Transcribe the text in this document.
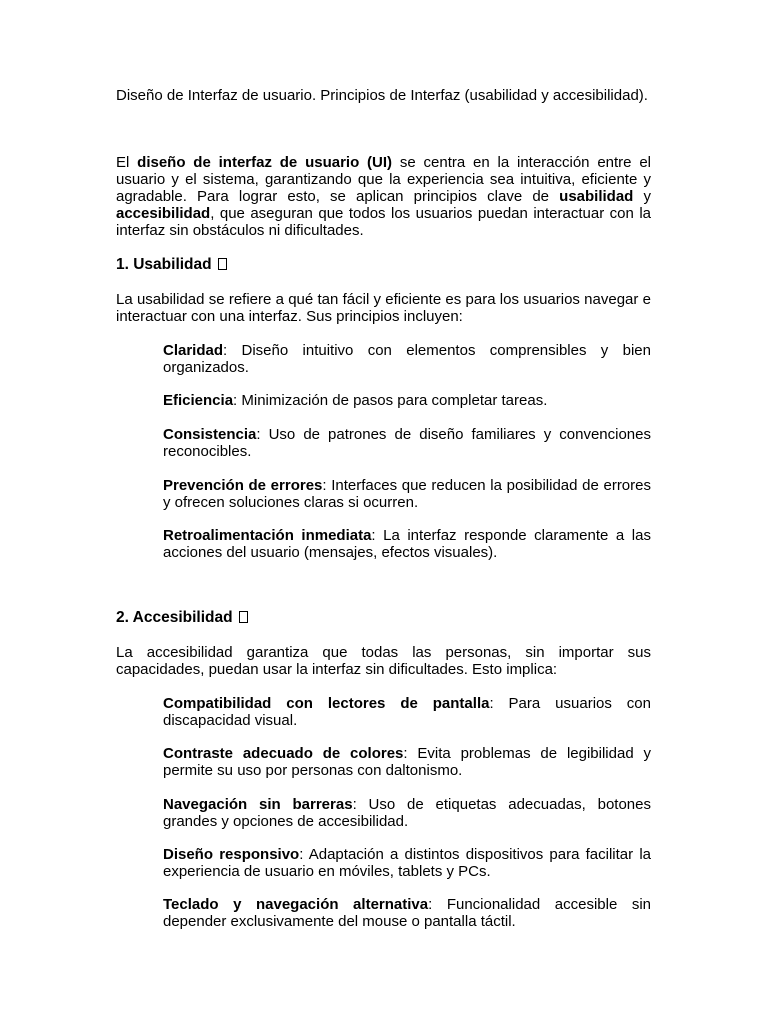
Diseño de Interfaz de usuario. Principios de Interfaz (usabilidad y accesibilidad).
El diseño de interfaz de usuario (UI) se centra en la interacción entre el usuario y el sistema, garantizando que la experiencia sea intuitiva, eficiente y agradable. Para lograr esto, se aplican principios clave de usabilidad y accesibilidad, que aseguran que todos los usuarios puedan interactuar con la interfaz sin obstáculos ni dificultades.
1. Usabilidad
La usabilidad se refiere a qué tan fácil y eficiente es para los usuarios navegar e interactuar con una interfaz. Sus principios incluyen:
Claridad: Diseño intuitivo con elementos comprensibles y bien organizados.
Eficiencia: Minimización de pasos para completar tareas.
Consistencia: Uso de patrones de diseño familiares y convenciones reconocibles.
Prevención de errores: Interfaces que reducen la posibilidad de errores y ofrecen soluciones claras si ocurren.
Retroalimentación inmediata: La interfaz responde claramente a las acciones del usuario (mensajes, efectos visuales).
2. Accesibilidad
La accesibilidad garantiza que todas las personas, sin importar sus capacidades, puedan usar la interfaz sin dificultades. Esto implica:
Compatibilidad con lectores de pantalla: Para usuarios con discapacidad visual.
Contraste adecuado de colores: Evita problemas de legibilidad y permite su uso por personas con daltonismo.
Navegación sin barreras: Uso de etiquetas adecuadas, botones grandes y opciones de accesibilidad.
Diseño responsivo: Adaptación a distintos dispositivos para facilitar la experiencia de usuario en móviles, tablets y PCs.
Teclado y navegación alternativa: Funcionalidad accesible sin depender exclusivamente del mouse o pantalla táctil.
